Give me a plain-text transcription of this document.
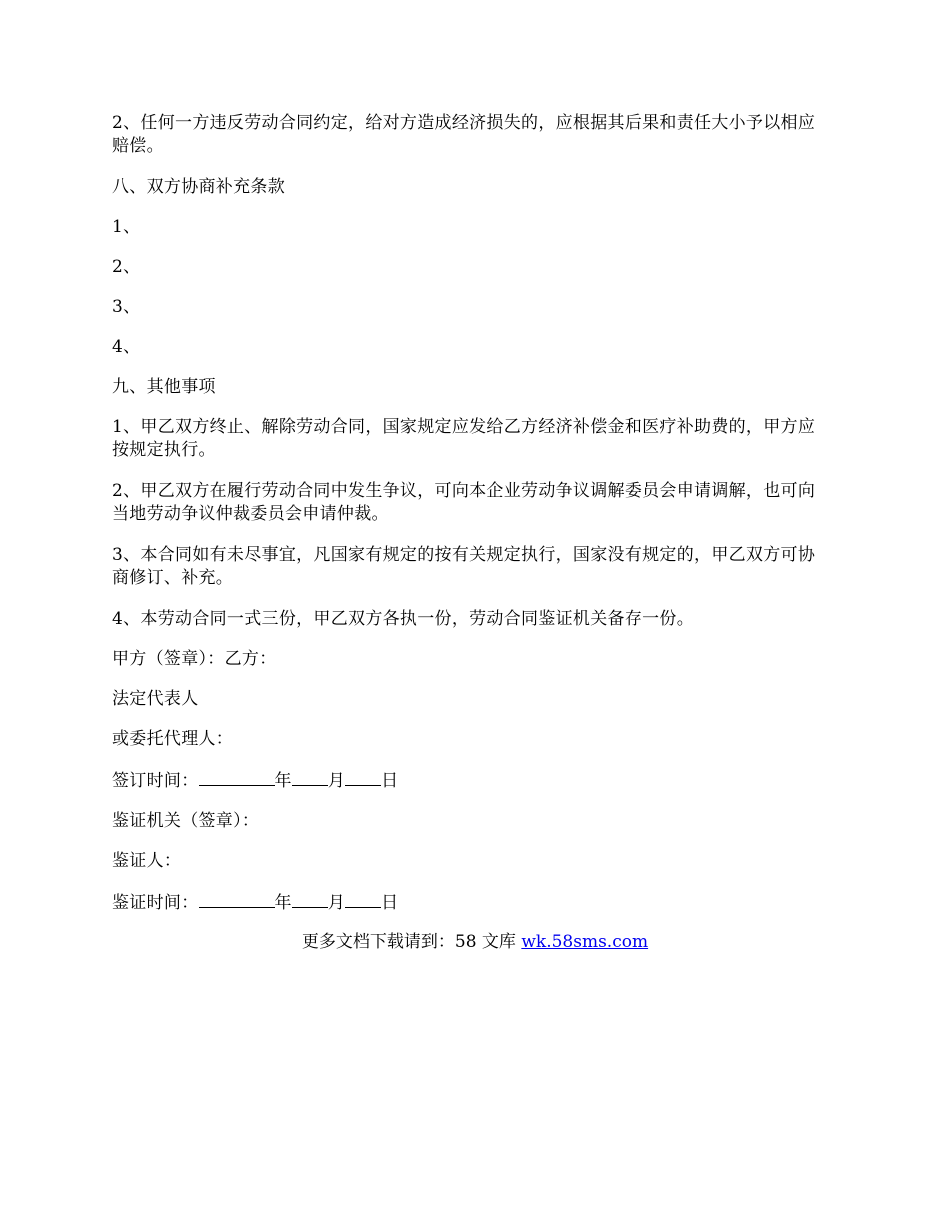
2、任何一方违反劳动合同约定，给对方造成经济损失的，应根据其后果和责任大小予以相应赔偿。

八、双方协商补充条款

1、

2、

3、

4、

九、其他事项

1、甲乙双方终止、解除劳动合同，国家规定应发给乙方经济补偿金和医疗补助费的，甲方应按规定执行。

2、甲乙双方在履行劳动合同中发生争议，可向本企业劳动争议调解委员会申请调解，也可向当地劳动争议仲裁委员会申请仲裁。

3、本合同如有未尽事宜，凡国家有规定的按有关规定执行，国家没有规定的，甲乙双方可协商修订、补充。

4、本劳动合同一式三份，甲乙双方各执一份，劳动合同鉴证机关备存一份。

甲方（签章）：乙方：

法定代表人

或委托代理人：

签订时间：	年 月 日

鉴证机关（签章）：

鉴证人：

鉴证时间：	年 月 日

更多文档下载请到：58 文库 wk.58sms.com
